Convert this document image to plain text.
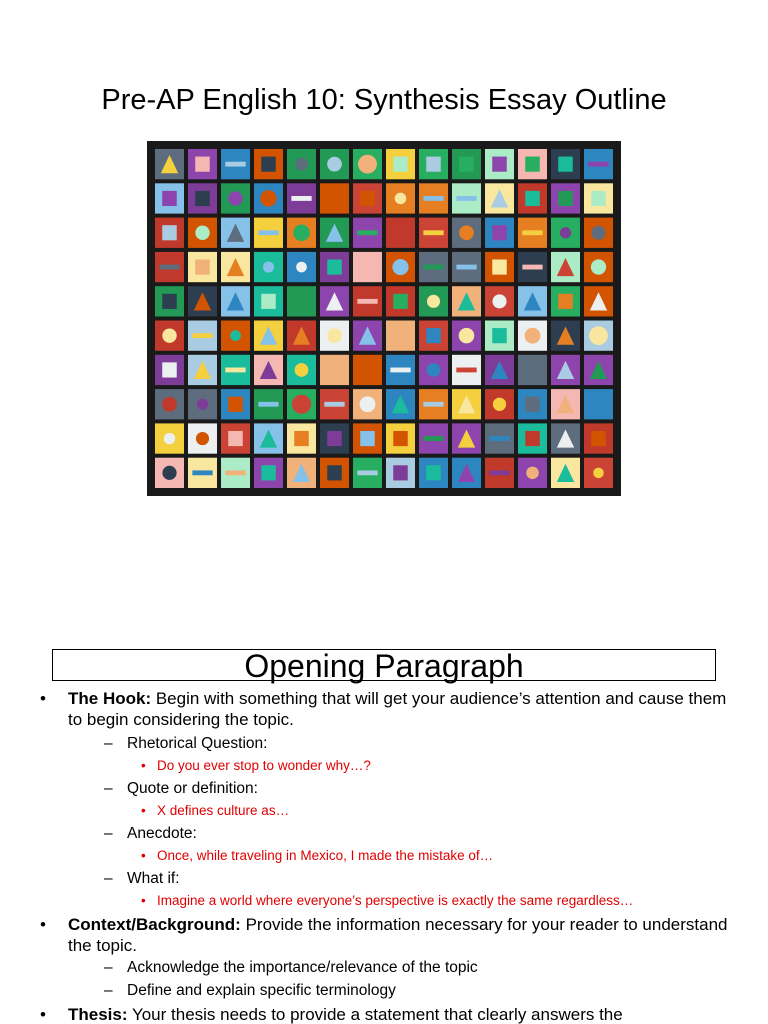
Pre-AP English 10: Synthesis Essay Outline
Opening Paragraph
• The Hook: Begin with something that will get your audience’s attention and cause them to begin considering the topic.
– Rhetorical Question:
• Do you ever stop to wonder why…?
– Quote or definition:
• X defines culture as…
– Anecdote:
• Once, while traveling in Mexico, I made the mistake of…
– What if:
• Imagine a world where everyone’s perspective is exactly the same regardless…
• Context/Background: Provide the information necessary for your reader to understand the topic.
– Acknowledge the importance/relevance of the topic
– Define and explain specific terminology
• Thesis: Your thesis needs to provide a statement that clearly answers the
